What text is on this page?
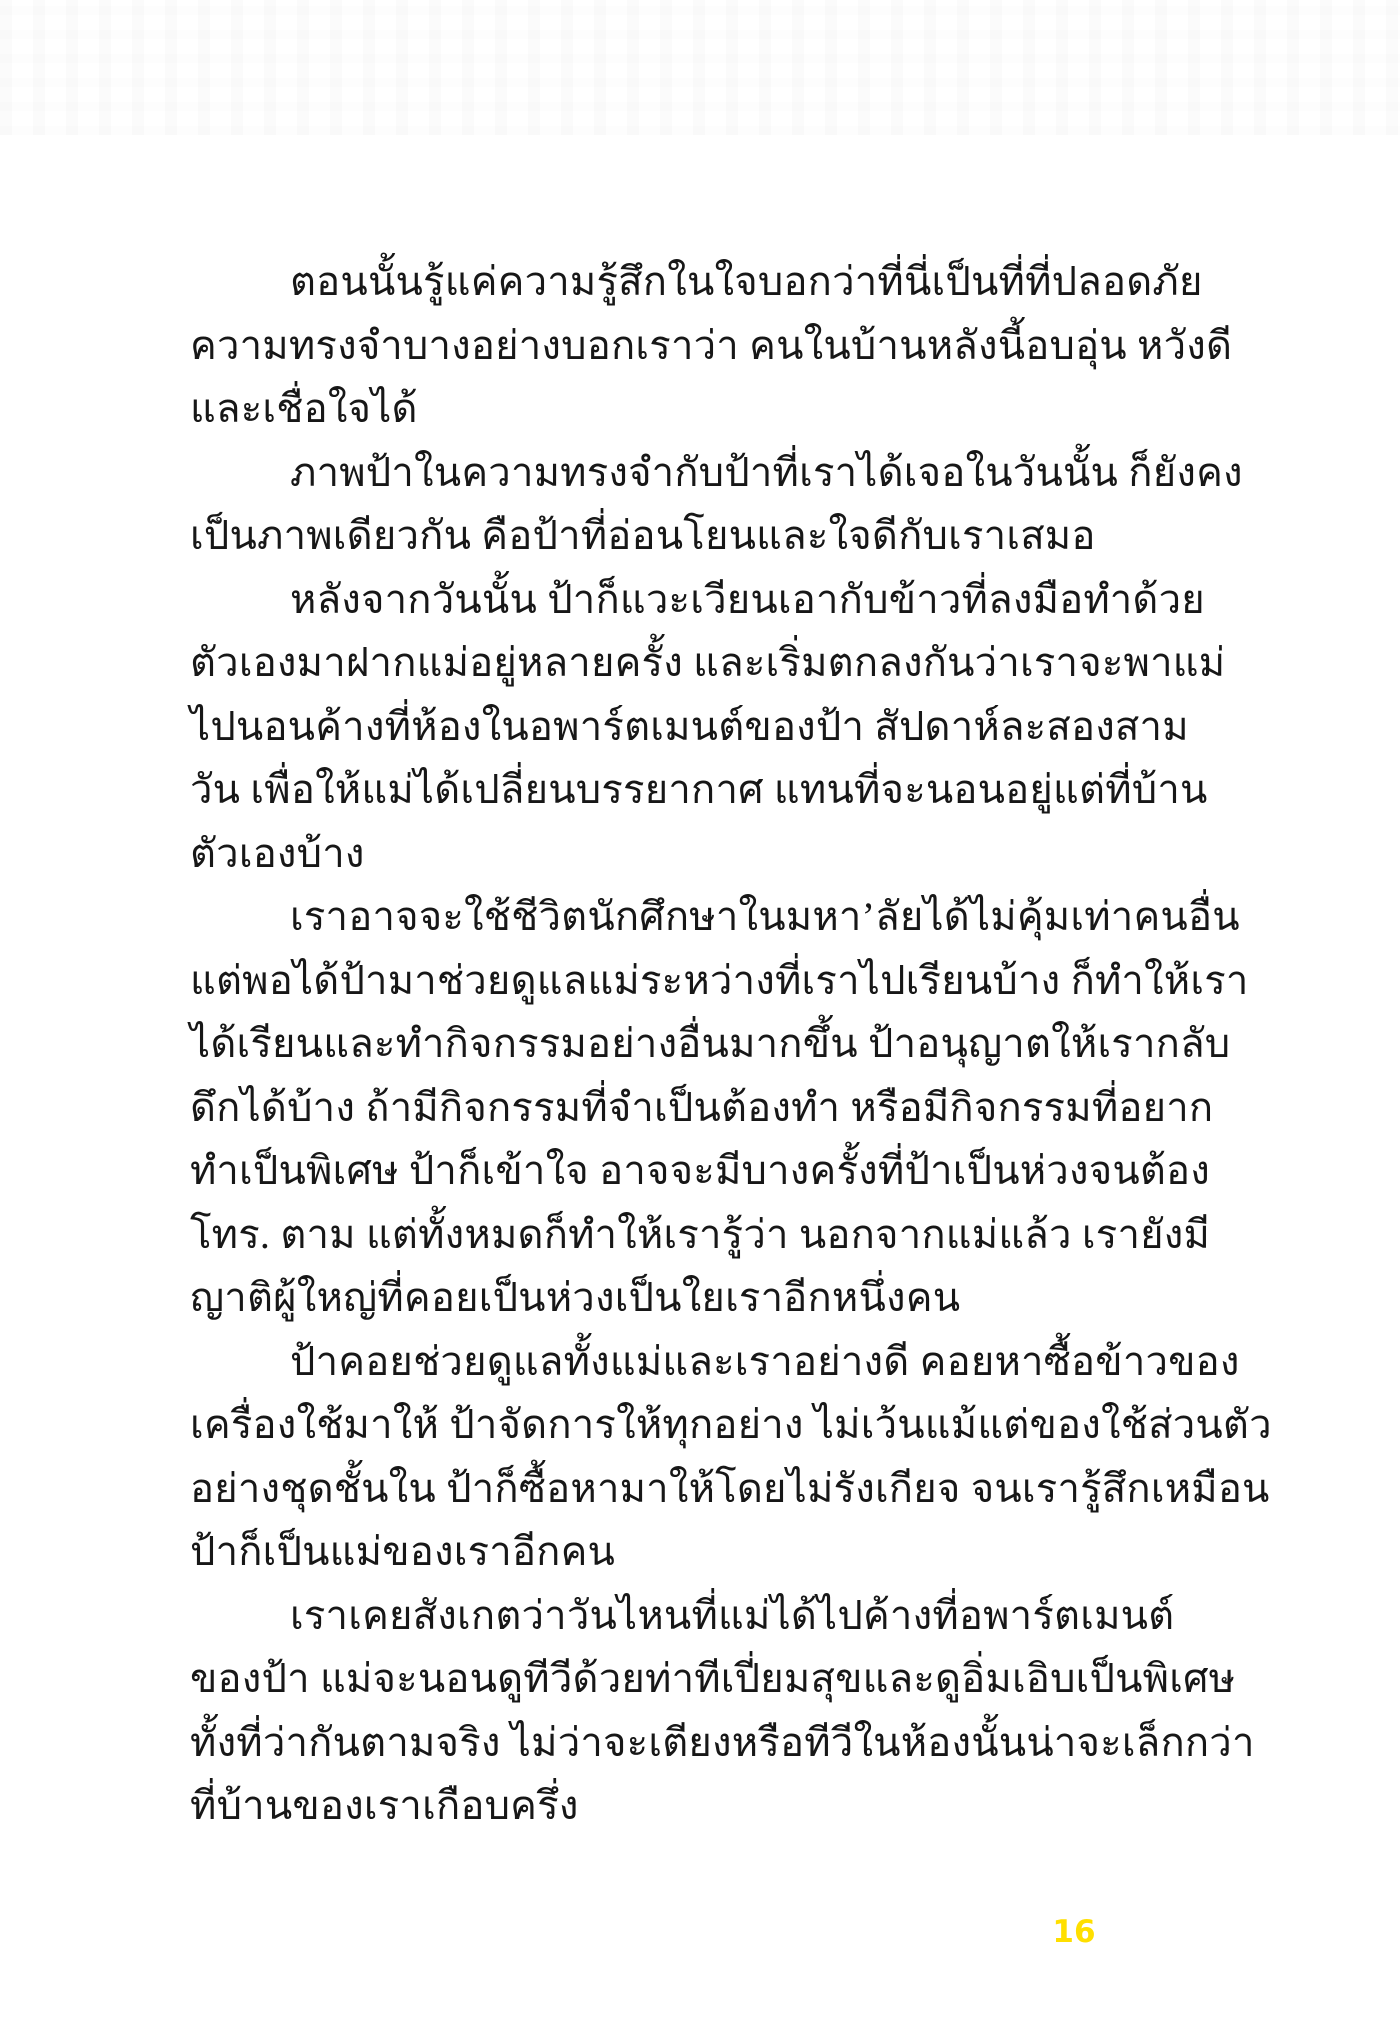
ตอนนั้นรู้แค่ความรู้สึกในใจบอกว่าที่นี่เป็นที่ที่ปลอดภัย
ความทรงจำบางอย่างบอกเราว่า คนในบ้านหลังนี้อบอุ่น หวังดี
และเชื่อใจได้
ภาพป้าในความทรงจำกับป้าที่เราได้เจอในวันนั้น ก็ยังคง
เป็นภาพเดียวกัน คือป้าที่อ่อนโยนและใจดีกับเราเสมอ
หลังจากวันนั้น ป้าก็แวะเวียนเอากับข้าวที่ลงมือทำด้วย
ตัวเองมาฝากแม่อยู่หลายครั้ง และเริ่มตกลงกันว่าเราจะพาแม่
ไปนอนค้างที่ห้องในอพาร์ตเมนต์ของป้า สัปดาห์ละสองสาม
วัน เพื่อให้แม่ได้เปลี่ยนบรรยากาศ แทนที่จะนอนอยู่แต่ที่บ้าน
ตัวเองบ้าง
เราอาจจะใช้ชีวิตนักศึกษาในมหา’ลัยได้ไม่คุ้มเท่าคนอื่น
แต่พอได้ป้ามาช่วยดูแลแม่ระหว่างที่เราไปเรียนบ้าง ก็ทำให้เรา
ได้เรียนและทำกิจกรรมอย่างอื่นมากขึ้น ป้าอนุญาตให้เรากลับ
ดึกได้บ้าง ถ้ามีกิจกรรมที่จำเป็นต้องทำ หรือมีกิจกรรมที่อยาก
ทำเป็นพิเศษ ป้าก็เข้าใจ อาจจะมีบางครั้งที่ป้าเป็นห่วงจนต้อง
โทร. ตาม แต่ทั้งหมดก็ทำให้เรารู้ว่า นอกจากแม่แล้ว เรายังมี
ญาติผู้ใหญ่ที่คอยเป็นห่วงเป็นใยเราอีกหนึ่งคน
ป้าคอยช่วยดูแลทั้งแม่และเราอย่างดี คอยหาซื้อข้าวของ
เครื่องใช้มาให้ ป้าจัดการให้ทุกอย่าง ไม่เว้นแม้แต่ของใช้ส่วนตัว
อย่างชุดชั้นใน ป้าก็ซื้อหามาให้โดยไม่รังเกียจ จนเรารู้สึกเหมือน
ป้าก็เป็นแม่ของเราอีกคน
เราเคยสังเกตว่าวันไหนที่แม่ได้ไปค้างที่อพาร์ตเมนต์
ของป้า แม่จะนอนดูทีวีด้วยท่าทีเปี่ยมสุขและดูอิ่มเอิบเป็นพิเศษ
ทั้งที่ว่ากันตามจริง ไม่ว่าจะเตียงหรือทีวีในห้องนั้นน่าจะเล็กกว่า
ที่บ้านของเราเกือบครึ่ง
16
